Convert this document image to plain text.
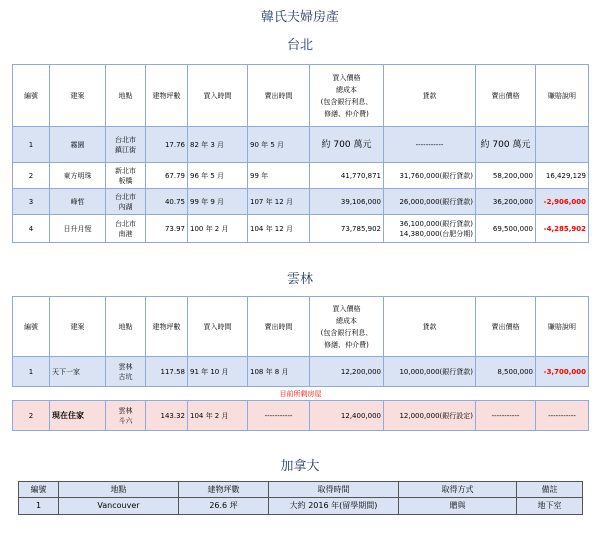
韓氏夫婦房產
台北
編號	建案	地點	建物坪數	買入時間	賣出時間	買入價格
總成本
(包含銀行利息、
修繕、仲介費)	貸款	賣出價格	賺賠說明
1	霧園	台北市
鎮江街	17.76	82 年 3 月	90 年 5 月	約 700 萬元	-----------	約 700 萬元	
2	東方明珠	新北市
板橋	67.79	96 年 5 月	99 年	41,770,871	31,760,000(銀行貸款)	58,200,000	16,429,129
3	峰哲	台北市
內湖	40.75	99 年 9 月	107 年 12 月	39,106,000	26,000,000(銀行貸款)	36,200,000	-2,906,000
4	日升月恆	台北市
南港	73.97	100 年 2 月	104 年 12 月	73,785,902	36,100,000(銀行貸款)
14,380,000(台肥分期)	69,500,000	-4,285,902
雲林
編號	建案	地點	建物坪數	買入時間	賣出時間	買入價格
總成本
(包含銀行利息、
修繕、仲介費)	貸款	賣出價格	賺賠說明
1	天下一家	雲林
古坑	117.58	91 年 10 月	108 年 8 月	12,200,000	10,000,000(銀行貸款)	8,500,000	-3,700,000
目前所剩房屋									
2	現在住家	雲林
斗六	143.32	104 年 2 月	-----------	12,400,000	12,000,000(銀行設定)	-----------	-----------
加拿大
編號	地點	建物坪數	取得時間	取得方式	備註
1	Vancouver	26.6 坪	大約 2016 年(留學期間)	贈與	地下室
